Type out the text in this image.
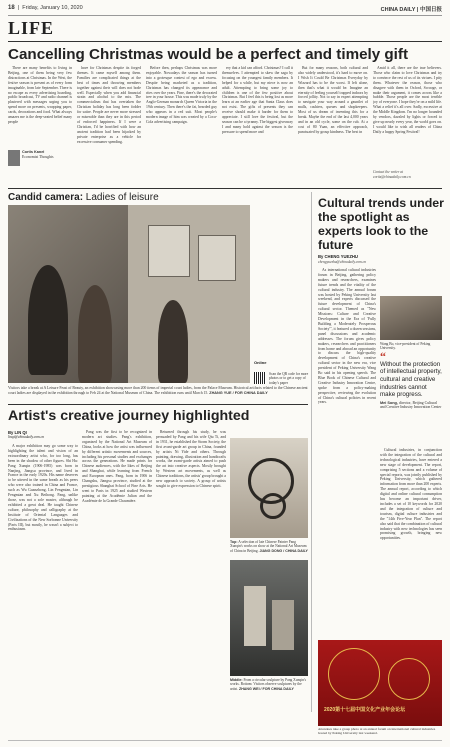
18  |  Friday, January 10, 2020	CHINA DAILY | 中国日报
LIFE
Cancelling Christmas would be a perfect and timely gift

There are many benefits to living in Beijing, one of them being very few distractions at Christmas. In the West, the festive season is present as of every form imaginable, from late September. There is no escape as every advertising hoarding, public broadcast, TV and radio channel is plastered with messages urging you to spend more on presents, wrapping paper, cards, decorations and food. What always amazes me is the deep-seated belief many people

have for Christmas despite its forged themes. It came myself among them. Families are complicated things at the best of times and throwing members together against their will does not bode well. Especially when you add financial strain and alcohol to the mix. The commercialism that has overtaken the Christian holiday has long been fodder for satire. People are never more stressed or miserable than they are in this period of enforced happiness. If I were a Christian, I'd be horrified with how an ancient tradition had been hijacked by private enterprise as a vehicle for excessive consumer spending.

Before then, perhaps Christmas was more enjoyable. Nowadays the season has turned into a grotesque contest of ego and excess. Despite being marketed as a tradition, Christmas has changed its appearance and rites over the years. Fine, there's the decorated tree in your house. This was made truly by the Anglo-German monarch Queen Victoria in the 19th century. Then there's the fat, bearded guy who appears in a red suit. Most people's modern image of him was created by a Coca-Cola advertising campaign.

ery that a kid can afford. Christmas? I call it themselves. I attempted to skew the saga by focusing on the youngest family members. It helped for a while, but my niece is now an adult. Attempting to bring some joy to children is one of the few positive about Christmas. But I feel this is being lost as more learn at an earlier age that Santa Claus does not exist. The gifts of presents they can receive should make it harder for them to appreciate. I still love the festival, but the season can be a tyranny. The biggest giveaway I and many hold against the season is the pressure to spend more and

But for many reasons, both cultural and also widely understood, it's hard to move on. I Wish It Could Be Christmas Everyday by Wizzard has to be the worst. If left alone, then that's what it would be. Imagine an eternity of feeling yourself trapped indoors by forced jollity. Not to say in expert attempting to navigate your way around a gauntlet of malls, cashiers, queues and shopkeepers. Most of us dream of inventing this for a break. Maybe the end of the last 4,000 years and in an old cycle, some on the rub. At a cost of 80 Yuan, an effective approach, punctuated by group kindness. The best in

Amid it all, there are the true believers. Those who claim to love Christmas and try to convince the rest of us of its virtues. I pity them. Whatever the reason, those who disagree with them in Oxford, Scrooge, or make their argument, it comes across like a bubble. Those people are the most terrible joy of everyone. I hope they're on a mild life. What a relief it's all over. Sadly, excessive at the Middle Kingdom. I'm no longer hounded by vendors, dazzled by lights or forced to give up nearly every year, the world goes on. I would like to wish all readers of China Daily a happy Spring Festival!

Contact the writer at
cortis@chinadaily.com.cn
Cortis Kanel
Economist Thoughts
Candid camera: Ladies of leisure
Online
Scan the QR code for more photos or to get a copy of today's paper
Visitors take a break at A Leisure Feast of Beauty, an exhibition showcasing more than 200 items of imperial court ladies, from the Palace Museum. Historical artifacts related to the Chinese ancient court ladies are displayed in the exhibition through to Feb 24 at the National Museum of China. The exhibition runs until March 15. ZHANG YUE / FOR CHINA DAILY
Cultural trends under the spotlight as experts look to the future
By CHENG YUEZHU
chengyuezhu@chinadaily.com.cn

As international cultural industries forum in Beijing, gathering policy makers and researchers, examines future trends and the vitality of the cultural industry. The annual forum was hosted by Peking University last weekend, and experts discussed the future development of China's cultural sector. Themed as "New Missions: Culture and Creative Development in the Era of 'Fully Building a Moderately Prosperous Society'", it featured a dozen sessions, panel discussions and academic addresses. The forum gives policy makers, researchers and practitioners from home and abroad an opportunity to discuss the high-quality development of China's creative cultural sector in the new era, vice president of Peking University Wang Bo said in his opening speech. The Blue Book of Chinese Cultural and Creative Industry Innovation Centre, spoke from a policy-making perspective, reviewing the evolution of China's cultural policies in recent years.

Wang Bo, vice-president of Peking University.
“
Without the protection of intellectual property, cultural and creative industries cannot make progress.
Mei Song, director, Beijing Cultural and Creative Industry Innovation Center

Cultural industries, in conjunction with the integration of the cultural and technological industries, have entered a new stage of development. The report, comprising 5 sections and a volume of special reports, was jointly published by Peking University, which gathered information from more than 200 experts. The annual report, according to which digital and online cultural consumption has become an important driver, includes a set of 10 keywords for 2020 and the integration of culture and tourism, digital culture industries and the "14th Five-Year Plan". The report also said that the combination of cultural industry with new technologies has seen promising growth, bringing new opportunities.

2020第十七届中国文化产业年会论坛
Attendees take a group photo at an annual forum on international cultural industries hosted by Peking University last weekend.
Artist's creative journey highlighted
By LIN QI
linqi@chinadaily.com.cn

A major exhibition may go some way to highlighting the talent and vision of an extraordinary artist who, for too long, has been in the shadow of other figures. Shi Hu: Pang Xunqin (1906-1985) was born in Nanjing, Jiangsu province, and lived in France in the early 1920s. His name deserves to be uttered in the same breath as his peers who were also trained in China and France, such as Wu Guanzhong, Lin Fengmian, Lin Fengmian and Xu Beihong. Pang, unlike those, was not a sole master, although he exhibited a great deal. He taught Chinese culture, philosophy and calligraphy at the Institute of Oriental Languages and Civilizations of the New Sorbonne University (Paris III), but mostly, he wasn't a subject to enthusiasm.

Pang was the first to be recognized in modern art studies. Pang's exhibition, organized by the National Art Museum of China, looks at how the artist was influenced by different artistic movements and sources, including his personal studies and exchanges across the generations. He made prints for Chinese audiences, with the likes of Beijing and Shanghai, while learning from French and European ones. Pang, born in 1906 in Changshu, Jiangsu province, studied at the prestigious Shanghai School of Fine Arts. He went to Paris in 1925 and studied Western painting at the Académie Julian and the Académie de la Grande Chaumière.

Returned through his study, he was persuaded by Pang and his wife Qiu Ti, and in 1931, he established the Storm Society, the first avant-garde art group in China, founded by artists Ni Yide and others. Through painting, drawing, illustration and handicrafts works, the avant-garde artists aimed to push the art into creative aspects. Mostly brought by Western art movements, as well as Chinese traditions, the artists' group brought a new approach to society. A group of artists sought to give expression to Chinese spirit.

Top: A selection of late Chinese Painter Pang Xunqin's works on show at the National Art Museum of China in Beijing. JIANG DONG / CHINA DAILY
Middle: From a circular sculpture by Pang Xunqin's works. Bottom: Visitors observe sculptures by the artist. ZHANG WEI / FOR CHINA DAILY
